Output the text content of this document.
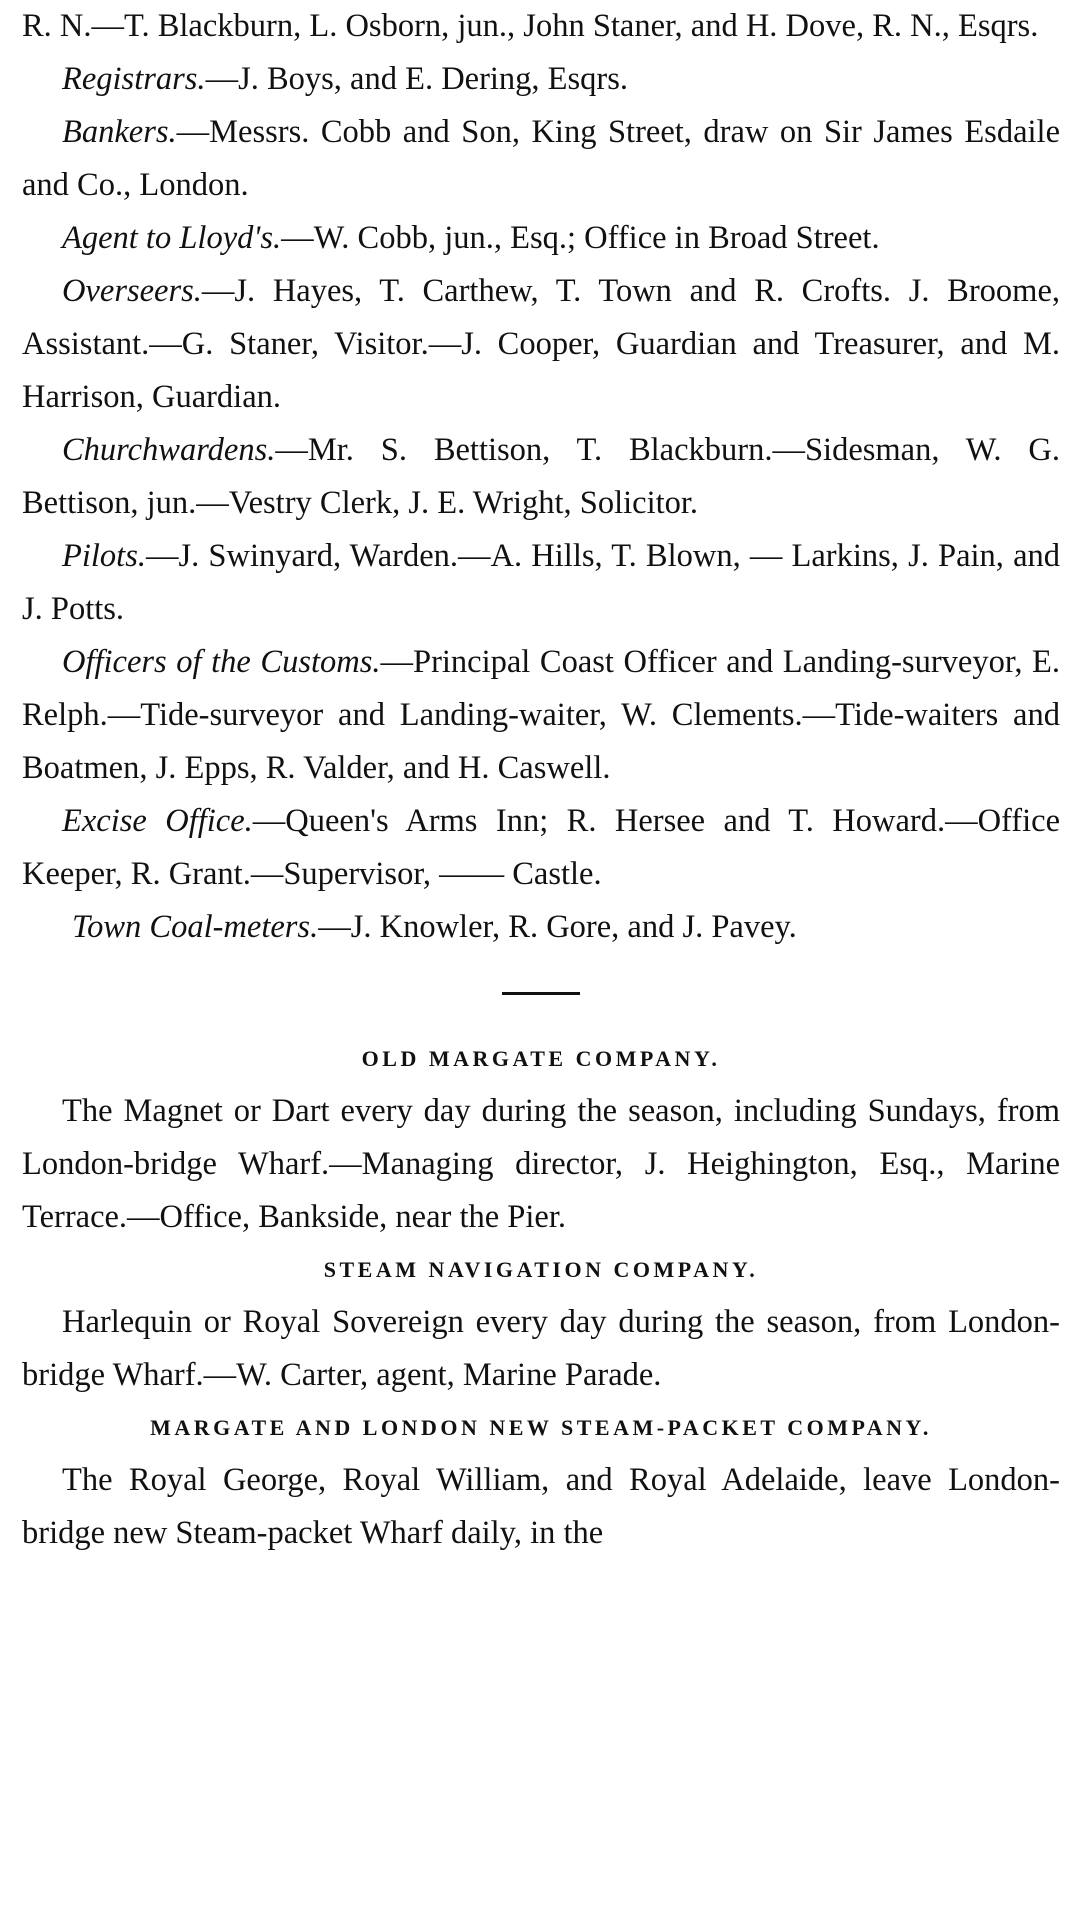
R. N.—T. Blackburn, L. Osborn, jun., John Staner, and H. Dove, R. N., Esqrs.

Registrars.—J. Boys, and E. Dering, Esqrs.

Bankers.—Messrs. Cobb and Son, King Street, draw on Sir James Esdaile and Co., London.

Agent to Lloyd's.—W. Cobb, jun., Esq.; Office in Broad Street.

Overseers.—J. Hayes, T. Carthew, T. Town and R. Crofts. J. Broome, Assistant.—G. Staner, Visitor.—J. Cooper, Guardian and Treasurer, and M. Harrison, Guardian.

Churchwardens.—Mr. S. Bettison, T. Blackburn.—Sidesman, W. G. Bettison, jun.—Vestry Clerk, J. E. Wright, Solicitor.

Pilots.—J. Swinyard, Warden.—A. Hills, T. Blown, — Larkins, J. Pain, and J. Potts.

Officers of the Customs.—Principal Coast Officer and Landing-surveyor, E. Relph.—Tide-surveyor and Landing-waiter, W. Clements.—Tide-waiters and Boatmen, J. Epps, R. Valder, and H. Caswell.

Excise Office.—Queen's Arms Inn; R. Hersee and T. Howard.—Office Keeper, R. Grant.—Supervisor, —— Castle.

Town Coal-meters.—J. Knowler, R. Gore, and J. Pavey.

OLD MARGATE COMPANY.

The Magnet or Dart every day during the season, including Sundays, from London-bridge Wharf.—Managing director, J. Heighington, Esq., Marine Terrace.—Office, Bankside, near the Pier.

STEAM NAVIGATION COMPANY.

Harlequin or Royal Sovereign every day during the season, from London-bridge Wharf.—W. Carter, agent, Marine Parade.

MARGATE AND LONDON NEW STEAM-PACKET COMPANY.

The Royal George, Royal William, and Royal Adelaide, leave London-bridge new Steam-packet Wharf daily, in the
